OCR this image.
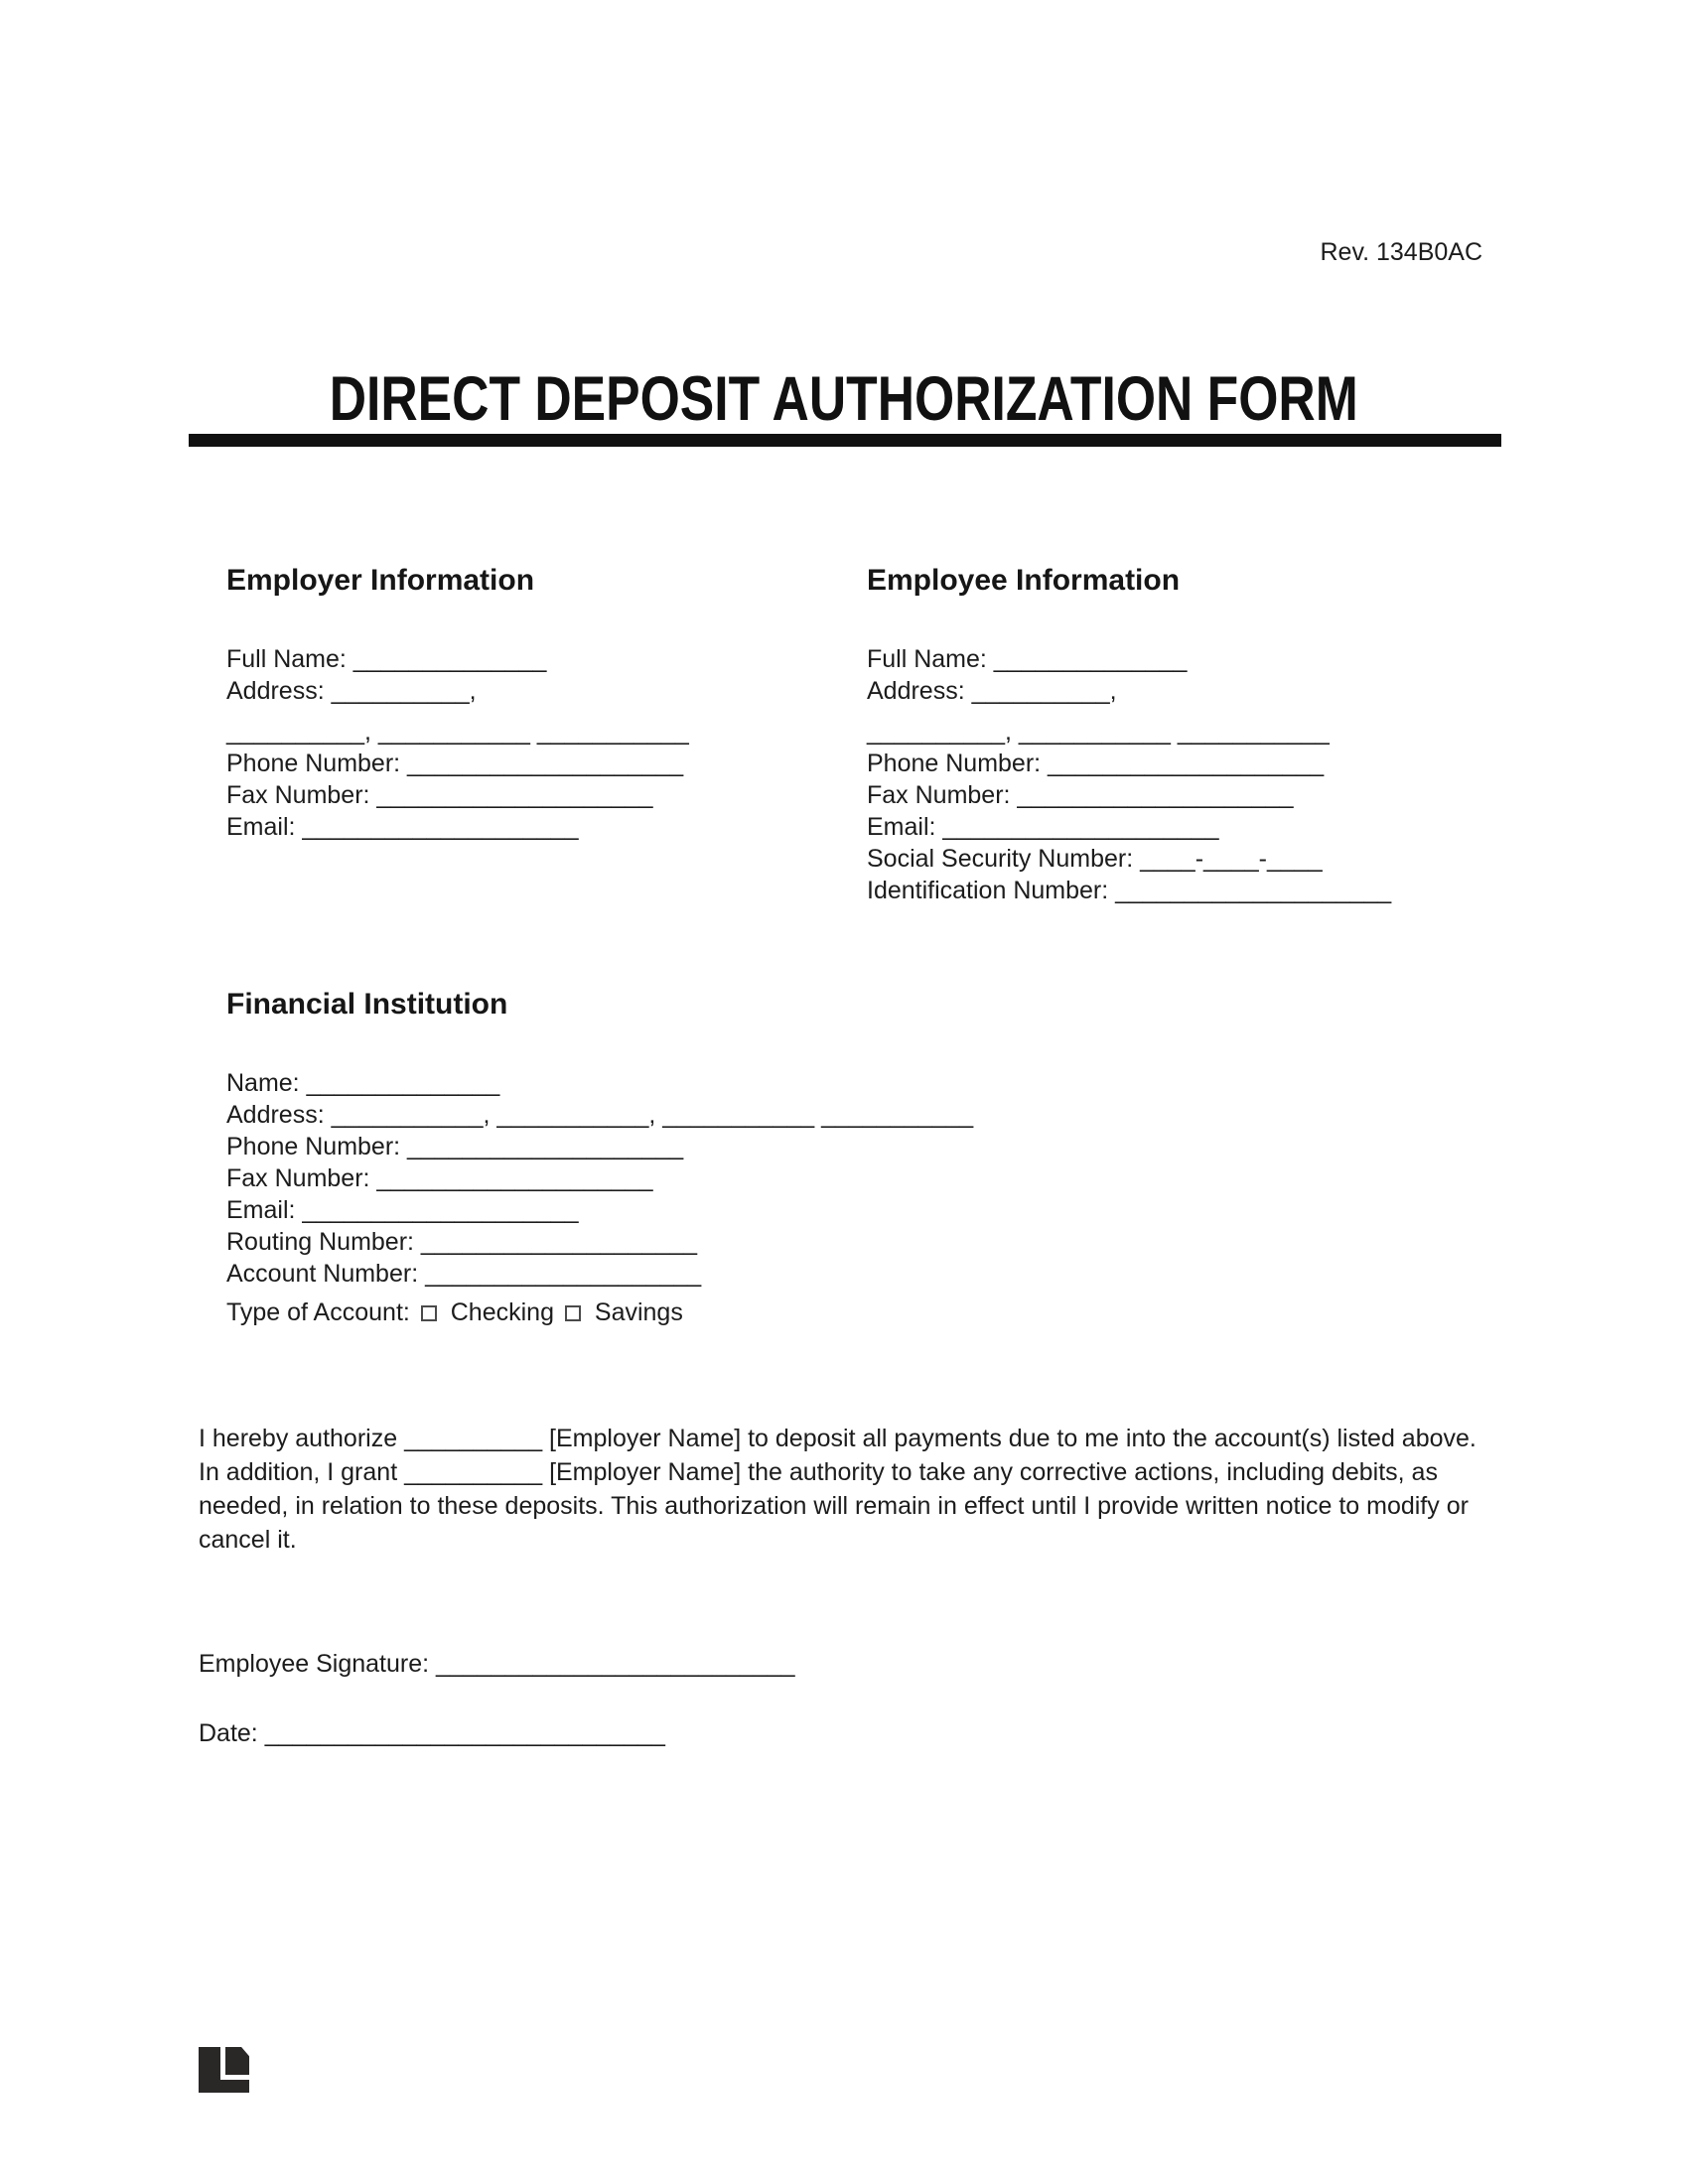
Rev. 134B0AC
DIRECT DEPOSIT AUTHORIZATION FORM
Employer Information
Full Name: ______________
Address: __________,
__________, ___________ ___________
Phone Number: ____________________
Fax Number: ____________________
Email: ____________________
Employee Information
Full Name: ______________
Address: __________,
__________, ___________ ___________
Phone Number: ____________________
Fax Number: ____________________
Email: ____________________
Social Security Number: ____-____-____
Identification Number: ____________________
Financial Institution
Name: ______________
Address: ___________, ___________, ___________ ___________
Phone Number: ____________________
Fax Number: ____________________
Email: ____________________
Routing Number: ____________________
Account Number: ____________________
Type of Account: Checking Savings
I hereby authorize __________ [Employer Name] to deposit all payments due to me into the account(s) listed above. In addition, I grant __________ [Employer Name] the authority to take any corrective actions, including debits, as needed, in relation to these deposits. This authorization will remain in effect until I provide written notice to modify or cancel it.
Employee Signature: __________________________
Date: _____________________________
